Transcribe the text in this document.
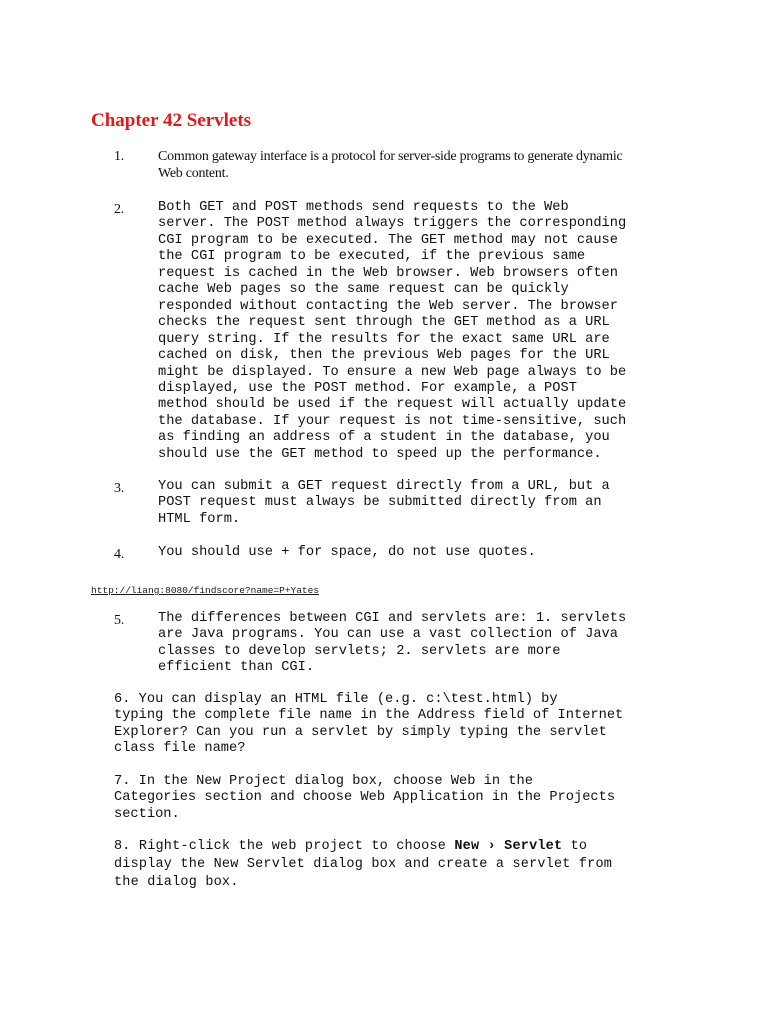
Chapter 42 Servlets
1. Common gateway interface is a protocol for server-side programs to generate dynamic
Web content.
2. Both GET and POST methods send requests to the Web
server. The POST method always triggers the corresponding
CGI program to be executed. The GET method may not cause
the CGI program to be executed, if the previous same
request is cached in the Web browser. Web browsers often
cache Web pages so the same request can be quickly
responded without contacting the Web server. The browser
checks the request sent through the GET method as a URL
query string. If the results for the exact same URL are
cached on disk, then the previous Web pages for the URL
might be displayed. To ensure a new Web page always to be
displayed, use the POST method. For example, a POST
method should be used if the request will actually update
the database. If your request is not time-sensitive, such
as finding an address of a student in the database, you
should use the GET method to speed up the performance.
3. You can submit a GET request directly from a URL, but a
POST request must always be submitted directly from an
HTML form.
4. You should use + for space, do not use quotes.
http://liang:8080/findscore?name=P+Yates
5. The differences between CGI and servlets are: 1. servlets
are Java programs. You can use a vast collection of Java
classes to develop servlets; 2. servlets are more
efficient than CGI.
6. You can display an HTML file (e.g. c:\test.html) by
typing the complete file name in the Address field of Internet
Explorer? Can you run a servlet by simply typing the servlet
class file name?
7. In the New Project dialog box, choose Web in the
Categories section and choose Web Application in the Projects
section.
8. Right-click the web project to choose New › Servlet to
display the New Servlet dialog box and create a servlet from
the dialog box.
